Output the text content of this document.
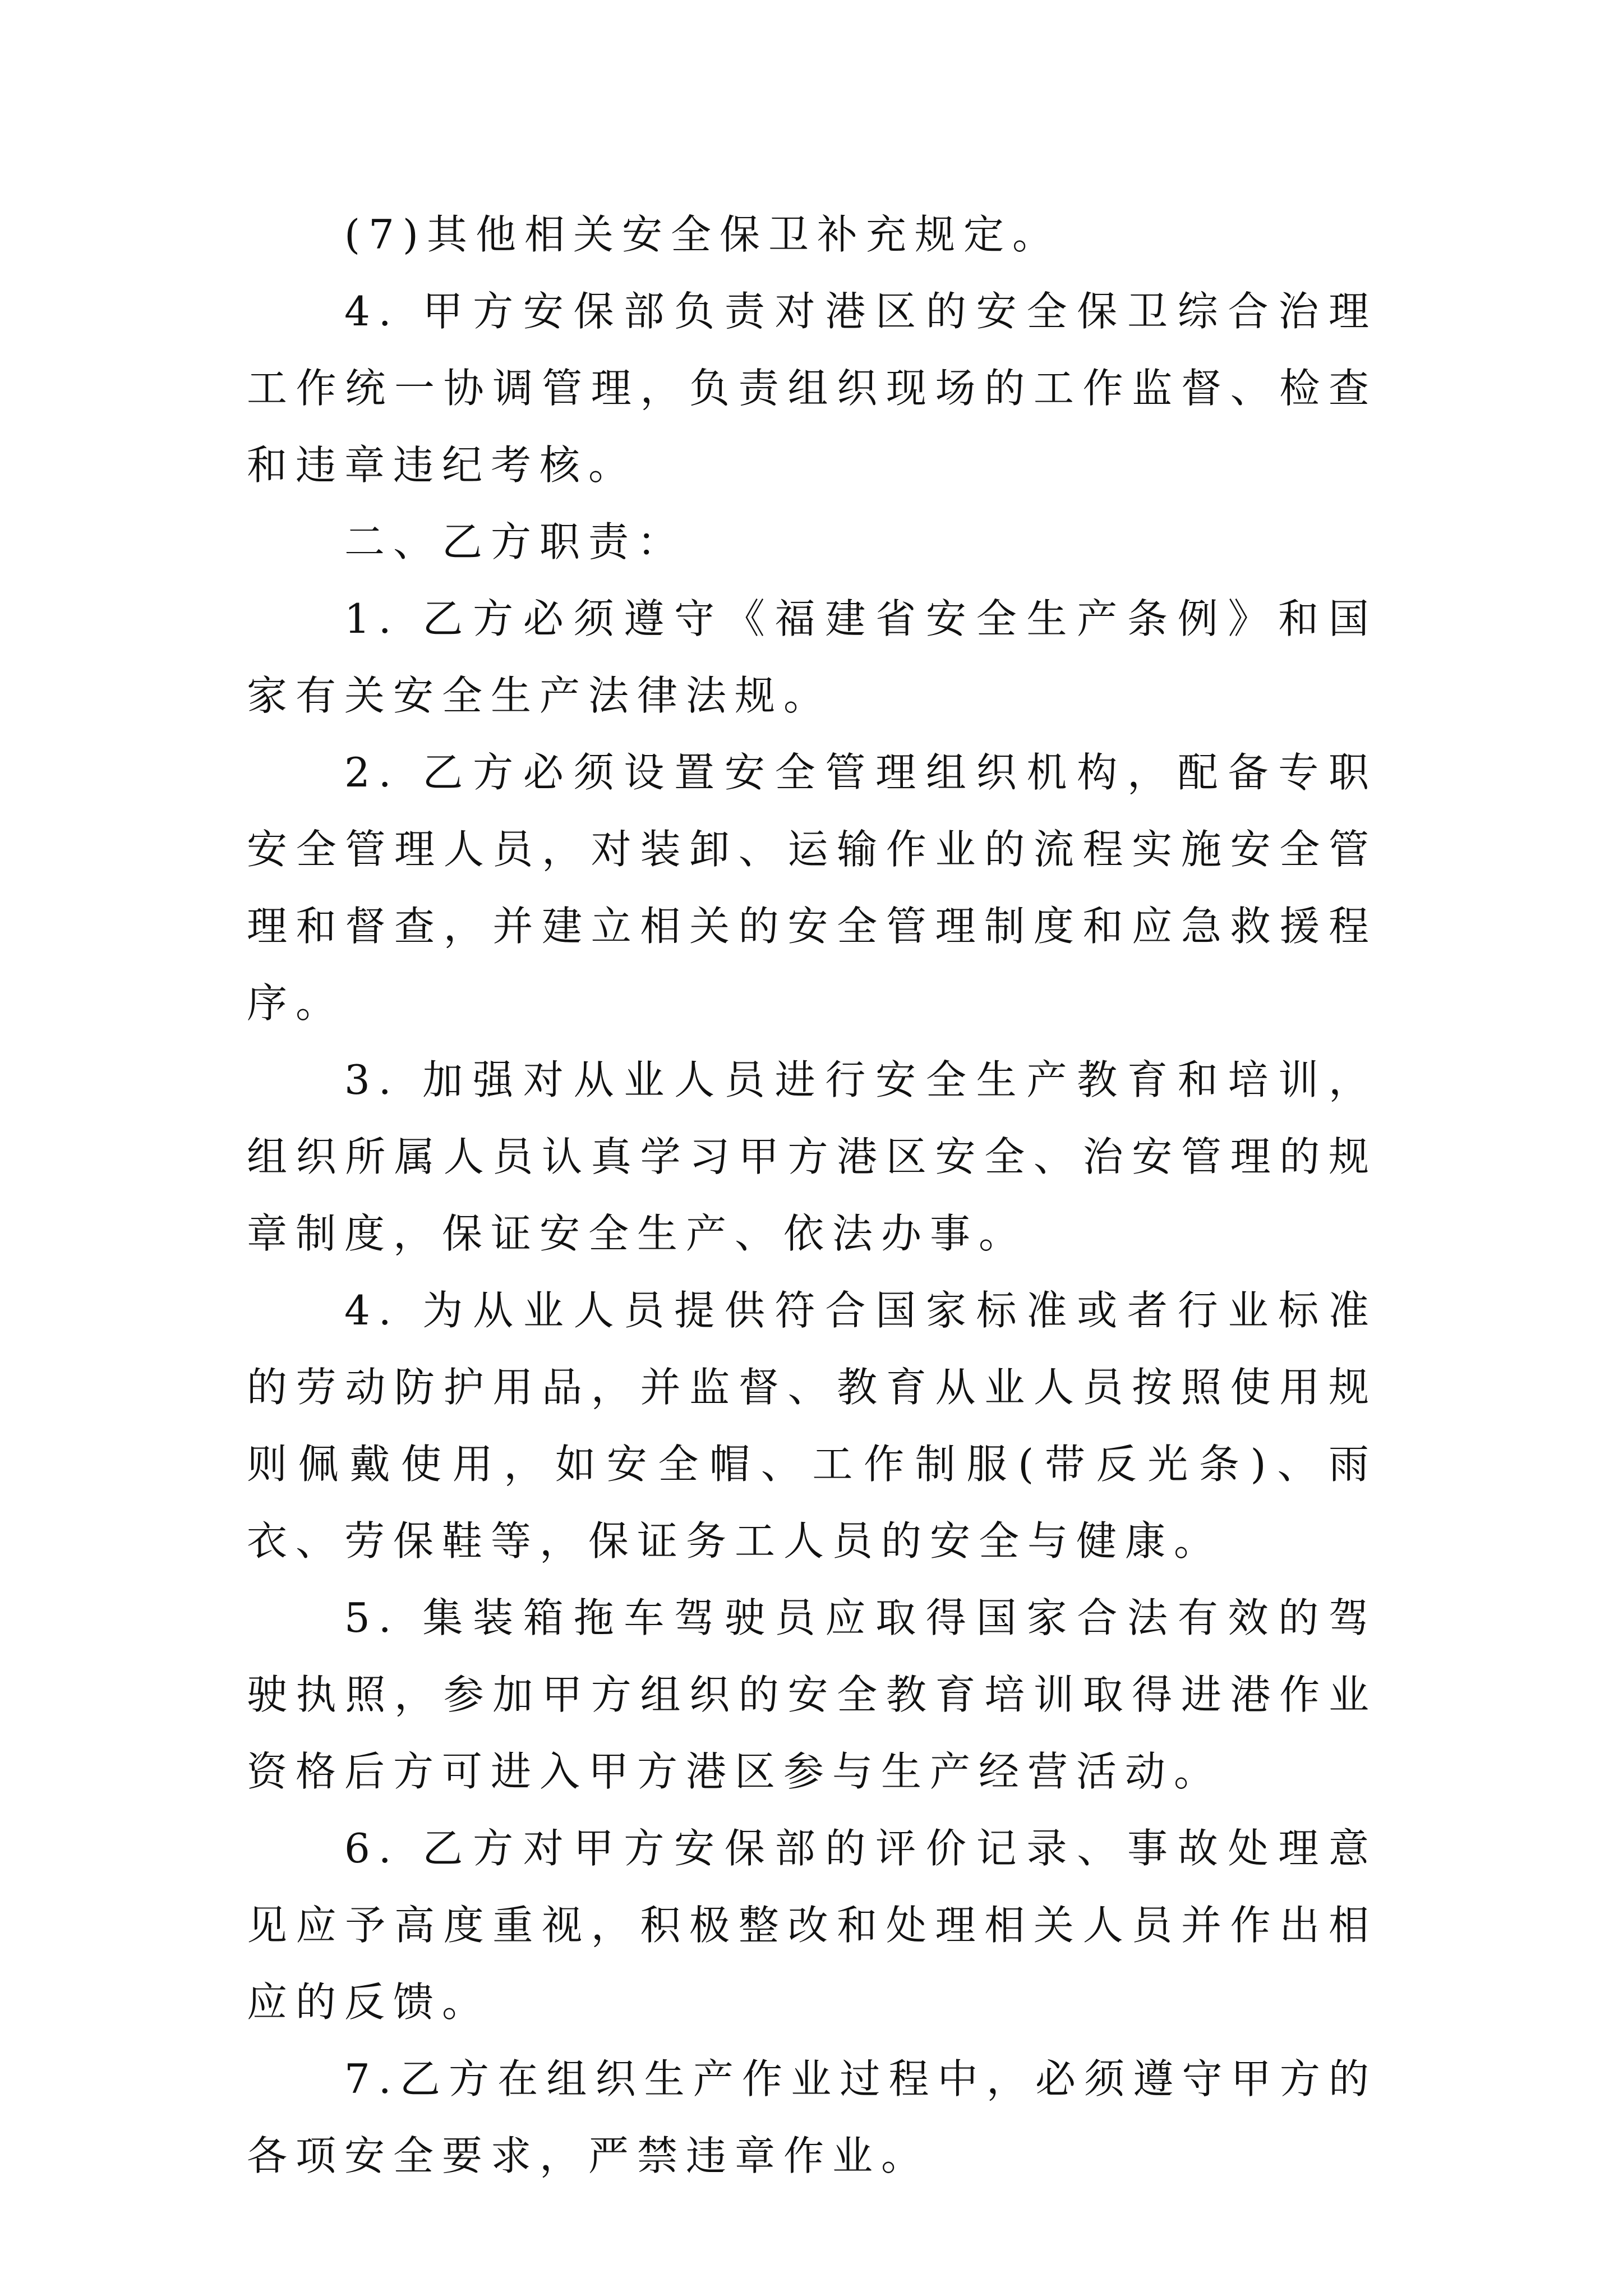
(7)其他相关安全保卫补充规定。

4. 甲方安保部负责对港区的安全保卫综合治理工作统一协调管理，负责组织现场的工作监督、检查和违章违纪考核。

二、乙方职责：

1. 乙方必须遵守《福建省安全生产条例》和国家有关安全生产法律法规。

2. 乙方必须设置安全管理组织机构，配备专职安全管理人员，对装卸、运输作业的流程实施安全管理和督查，并建立相关的安全管理制度和应急救援程序。

3. 加强对从业人员进行安全生产教育和培训，组织所属人员认真学习甲方港区安全、治安管理的规章制度，保证安全生产、依法办事。

4. 为从业人员提供符合国家标准或者行业标准的劳动防护用品，并监督、教育从业人员按照使用规则佩戴使用，如安全帽、工作制服(带反光条)、雨衣、劳保鞋等，保证务工人员的安全与健康。

5. 集装箱拖车驾驶员应取得国家合法有效的驾驶执照，参加甲方组织的安全教育培训取得进港作业资格后方可进入甲方港区参与生产经营活动。

6. 乙方对甲方安保部的评价记录、事故处理意见应予高度重视，积极整改和处理相关人员并作出相应的反馈。

7.乙方在组织生产作业过程中，必须遵守甲方的各项安全要求，严禁违章作业。
